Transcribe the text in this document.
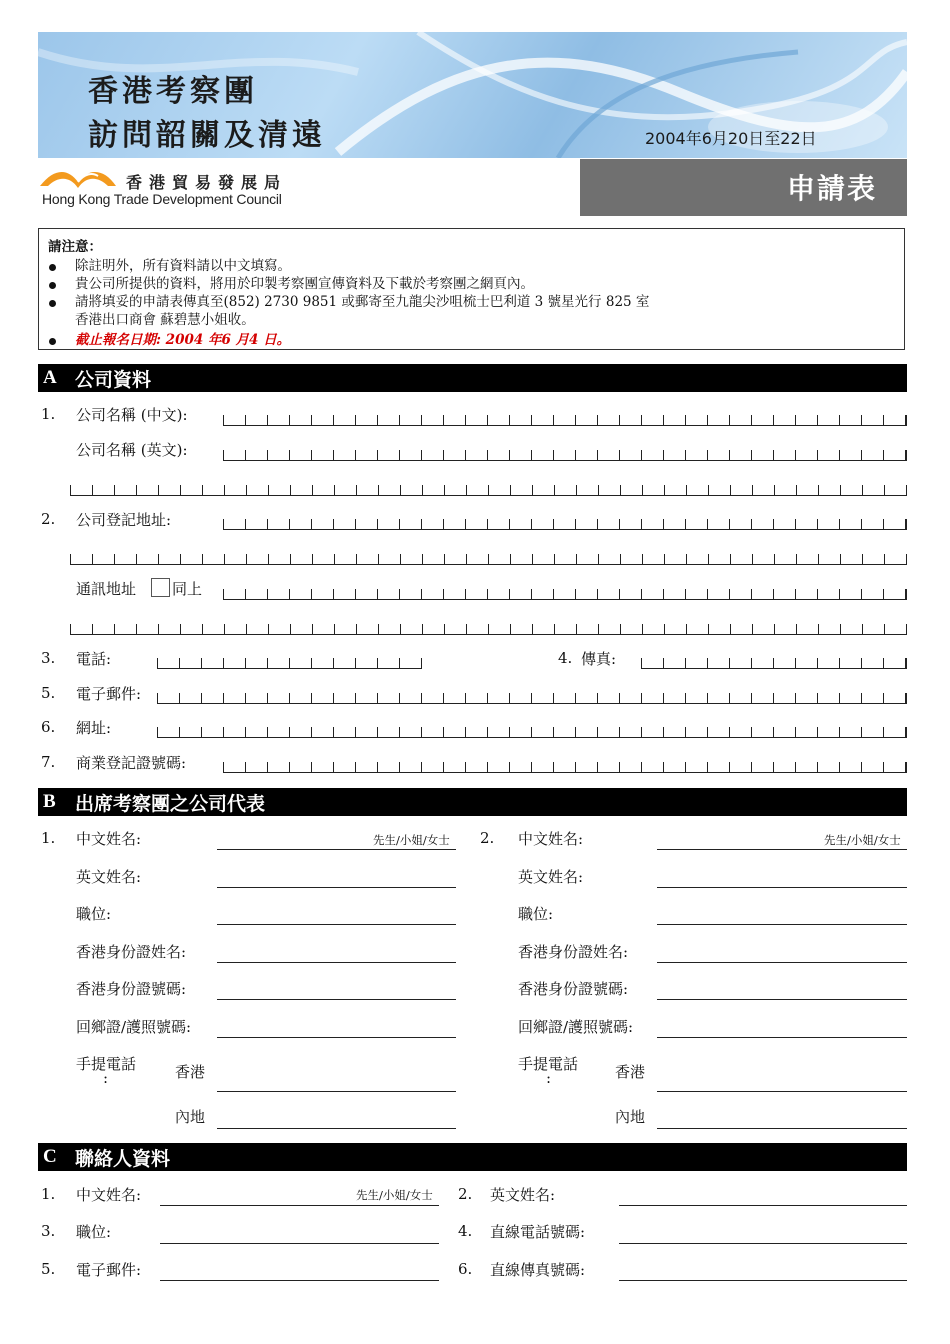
香港考察團
訪問韶關及清遠	2004年6月20日至22日
香港貿易發展局
Hong Kong Trade Development Council	申請表
請注意：
除註明外，所有資料請以中文填寫。
貴公司所提供的資料，將用於印製考察團宣傳資料及下載於考察團之網頁內。
請將填妥的申請表傳真至(852) 2730 9851 或郵寄至九龍尖沙咀梳士巴利道 3 號星光行 825 室
香港出口商會 蘇碧慧小姐收。
截止報名日期: 2004 年6 月4 日。
A 公司資料
1. 公司名稱 (中文):
公司名稱 (英文):
2. 公司登記地址:
通訊地址 同上
3. 電話:	4. 傳真:
5. 電子郵件:
6. 網址:
7. 商業登記證號碼:
B 出席考察團之公司代表
1. 中文姓名:	先生/小姐/女士
英文姓名:
職位:
香港身份證姓名:
香港身份證號碼:
回鄉證/護照號碼:
手提電話
:	香港
內地
2. 中文姓名:	先生/小姐/女士
英文姓名:
職位:
香港身份證姓名:
香港身份證號碼:
回鄉證/護照號碼:
手提電話
:	香港
內地
C 聯絡人資料
1. 中文姓名:	先生/小姐/女士 2. 英文姓名:
3. 職位:	4. 直線電話號碼:
5. 電子郵件:	6. 直線傳真號碼:
